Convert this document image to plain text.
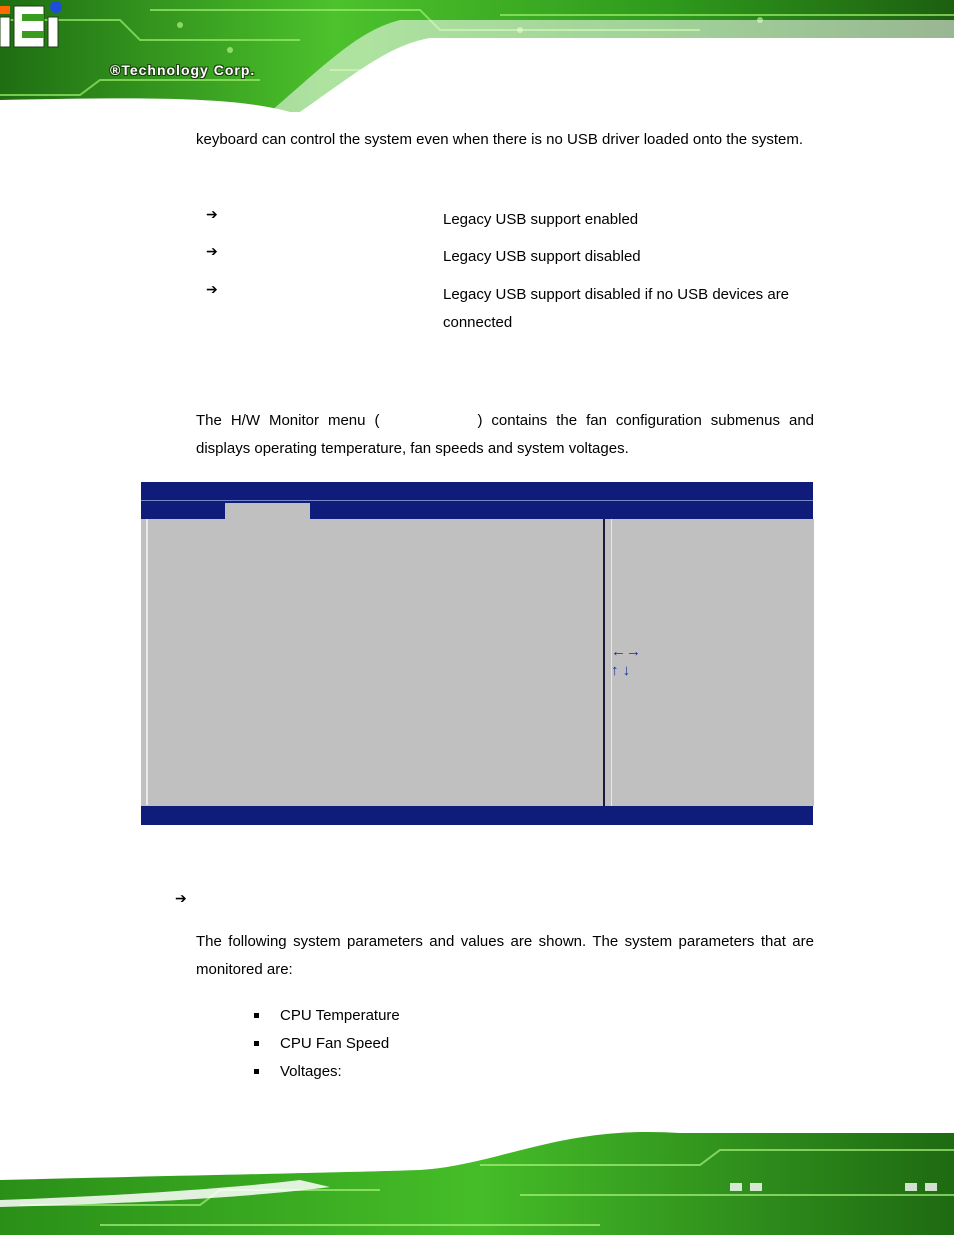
®Technology Corp.
keyboard can control the system even when there is no USB driver loaded onto the system.
➔	Legacy USB support enabled
➔	Legacy USB support disabled
➔	Legacy USB support disabled if no USB devices are connected
The H/W Monitor menu (	) contains the fan configuration submenus and displays operating temperature, fan speeds and system voltages.
←→
↑ ↓
➔
The following system parameters and values are shown. The system parameters that are monitored are:
CPU Temperature
CPU Fan Speed
Voltages:
